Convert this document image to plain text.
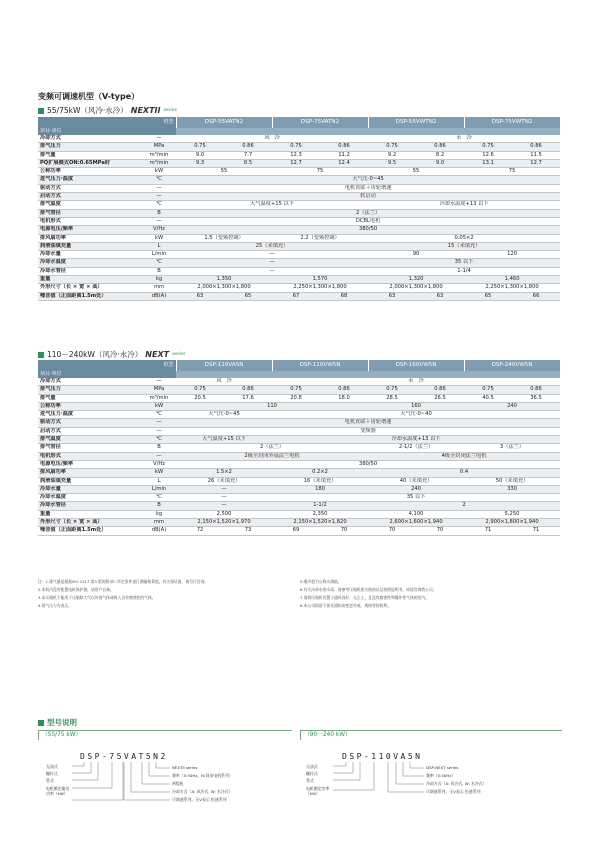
变频可调速机型（V-type）
55/75kW（风冷·水冷） NEXTII series
机型		DSP-55VATN2		DSP-75VATN2		DSP-55VWTN2		DSP-75VWTN2	
项目·单位									
冷却方式	—	风　冷				水　冷			
排气压力	MPa	0.75	0.86	0.75	0.86	0.75	0.86	0.75	0.86
排气量	m³/min	9.0	7.7	12.3	11.2	9.2	8.2	12.6	11.5
PQ扩展模式ON:0.65MPa时	m³/min	9.3	8.5	12.7	12.4	9.5	9.0	13.1	12.7
公称功率	kW	55		75		55		75	
进气压力·温度	℃	大气压·0~45							
驱动方式	—	电机直联＋齿轮增速							
启动方式	—	软启动							
排气温度	℃	大气温度+15 以下				冷却水温度+13 以下			
排气管径	B	2（法兰）							
电机形式	—	DCBL电机							
电源电压/频率	V/Hz	380/50							
排风扇功率	kW	1.5（变频控制）		2.2（变频控制）		0.05×2			
润滑油填充量	L	25（未填充）				15（未填充）			
冷却水量	L/min	—				90		120	
冷却水温度	℃	—				35 以下			
冷却水管径	B	—				1-1/4			
重量	kg	1,350		1,570		1,320		1,460	
外形尺寸（长 × 宽 × 高）	mm	2,000×1,300×1,800		2,250×1,300×1,800		2,000×1,300×1,800		2,250×1,300×1,800	
噪音值（正面距离1.5m处）	dB(A)	63	65	67	68	63	63	65	66
110－240kW（风冷·水冷） NEXT series
机型		DSP-110VA5N		DSP-110VW5N		DSP-160VW5N		DSP-240VW5N	
项目·单位									
冷却方式	—	风　冷		水　冷					
排气压力	MPa	0.75	0.86	0.75	0.86	0.75	0.86	0.75	0.86
排气量	m³/min	20.5	17.6	20.8	18.0	28.5	26.5	40.5	36.5
公称功率	kW	110				160		240	
进气压力·温度	℃	大气压·0~45		大气压·0~40					
驱动方式	—	电机直联＋齿轮增速							
启动方式	—	变频器							
排气温度	℃	大气温度+15 以下		冷却水温度+13 以下					
排气管径	B	2（法兰）				2-1/2（法兰）		3（法兰）	
电机形式	—	2级全封闭外扇法兰电机				4级全封闭法兰电机			
电源电压/频率	V/Hz	380/50							
排风扇功率	kW	1.5×2		0.2×2		0.4			
润滑油填充量	L	26（未填充）		16（未填充）		40（未填充）		50（未填充）	
冷却水量	L/min	—		180		240		330	
冷却水温度	℃	—		35 以下					
冷却水管径	B	—		1-1/2		2			
重量	kg	2,500		2,350		4,100		5,250	
外形尺寸（长 × 宽 × 高）	mm	2,150×1,520×1,970		2,150×1,520×1,820		2,600×1,600×1,940		2,900×1,800×1,940	
噪音值（正面距离1.5m处）	dB(A)	72	73	69	70	70	70	71	71
注：1.排气量是根据ISO 1217 第3 版的附录C 所定条件进行测量换算值。有关保证值，请另行咨询。
2.本机内没有配置电机保护器，请用户自备。
3.本压缩机不能用于压缩除大气以外的气体或吸入含有腐蚀性的气体。
4.排气压力为表压。
5.噪声值为公称实测值。
6.有关冷却水的水质，请参考压缩机相关指南以及按照说明书，或请咨询我公司。
7.请将压缩机设置于通风良好、无尘土、且没有腐蚀性和爆炸性气体的室内。
8.本公司保留不预先通知而变更外观、规格等的权利。
型号说明
（55/75 kW）	（90－240 kW）
DSP-75VAT5N2	DSP-110VA5N
无油式
螺杆式
管式
电机额定输出功率（kW）
NEXTII series
频率（5:50Hz，N:同步电机系列）
两级机
冷却方式（A: 风冷式, W: 水冷式）
可调速系列，无V表示 恒速系列
无油式
螺杆式
管式
电机额定功率（kW）
DSP-NEXT series
频率（5:50Hz）
冷却方式（A: 风冷式, W: 水冷式）
可调速系列，无V表示 恒速系列
